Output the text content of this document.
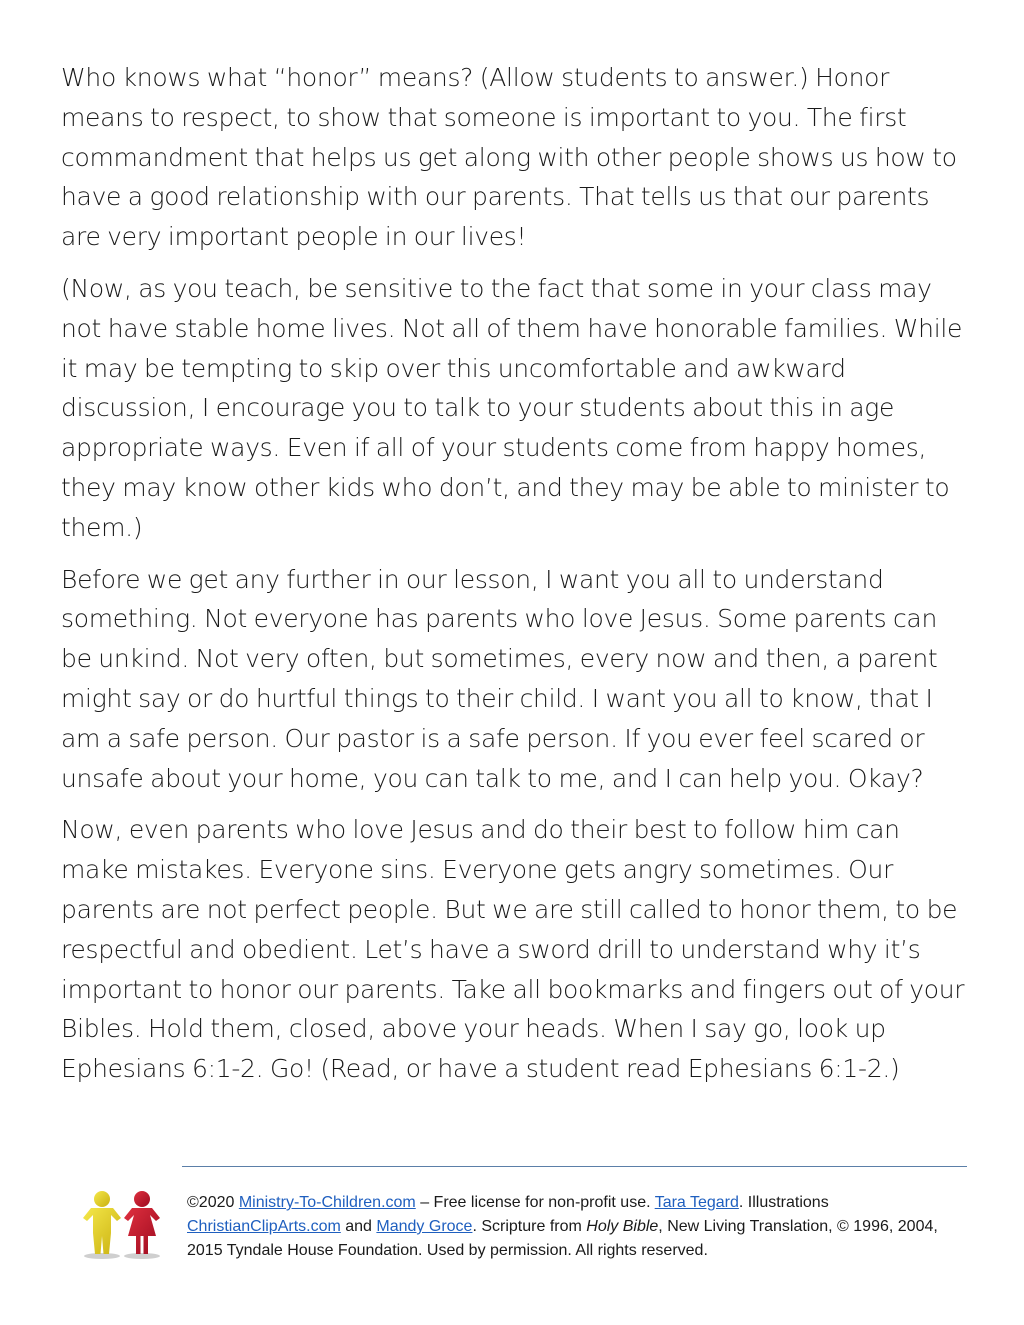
Who knows what “honor” means? (Allow students to answer.) Honor means to respect, to show that someone is important to you. The first commandment that helps us get along with other people shows us how to have a good relationship with our parents. That tells us that our parents are very important people in our lives!

(Now, as you teach, be sensitive to the fact that some in your class may not have stable home lives. Not all of them have honorable families. While it may be tempting to skip over this uncomfortable and awkward discussion, I encourage you to talk to your students about this in age appropriate ways. Even if all of your students come from happy homes, they may know other kids who don’t, and they may be able to minister to them.)

Before we get any further in our lesson, I want you all to understand something. Not everyone has parents who love Jesus. Some parents can be unkind. Not very often, but sometimes, every now and then, a parent might say or do hurtful things to their child. I want you all to know, that I am a safe person. Our pastor is a safe person. If you ever feel scared or unsafe about your home, you can talk to me, and I can help you. Okay?

Now, even parents who love Jesus and do their best to follow him can make mistakes. Everyone sins. Everyone gets angry sometimes. Our parents are not perfect people. But we are still called to honor them, to be respectful and obedient. Let’s have a sword drill to understand why it’s important to honor our parents. Take all bookmarks and fingers out of your Bibles. Hold them, closed, above your heads. When I say go, look up Ephesians 6:1-2. Go! (Read, or have a student read Ephesians 6:1-2.)

©2020 Ministry-To-Children.com – Free license for non-profit use. Tara Tegard. Illustrations ChristianClipArts.com and Mandy Groce. Scripture from Holy Bible, New Living Translation, © 1996, 2004, 2015 Tyndale House Foundation. Used by permission. All rights reserved.
